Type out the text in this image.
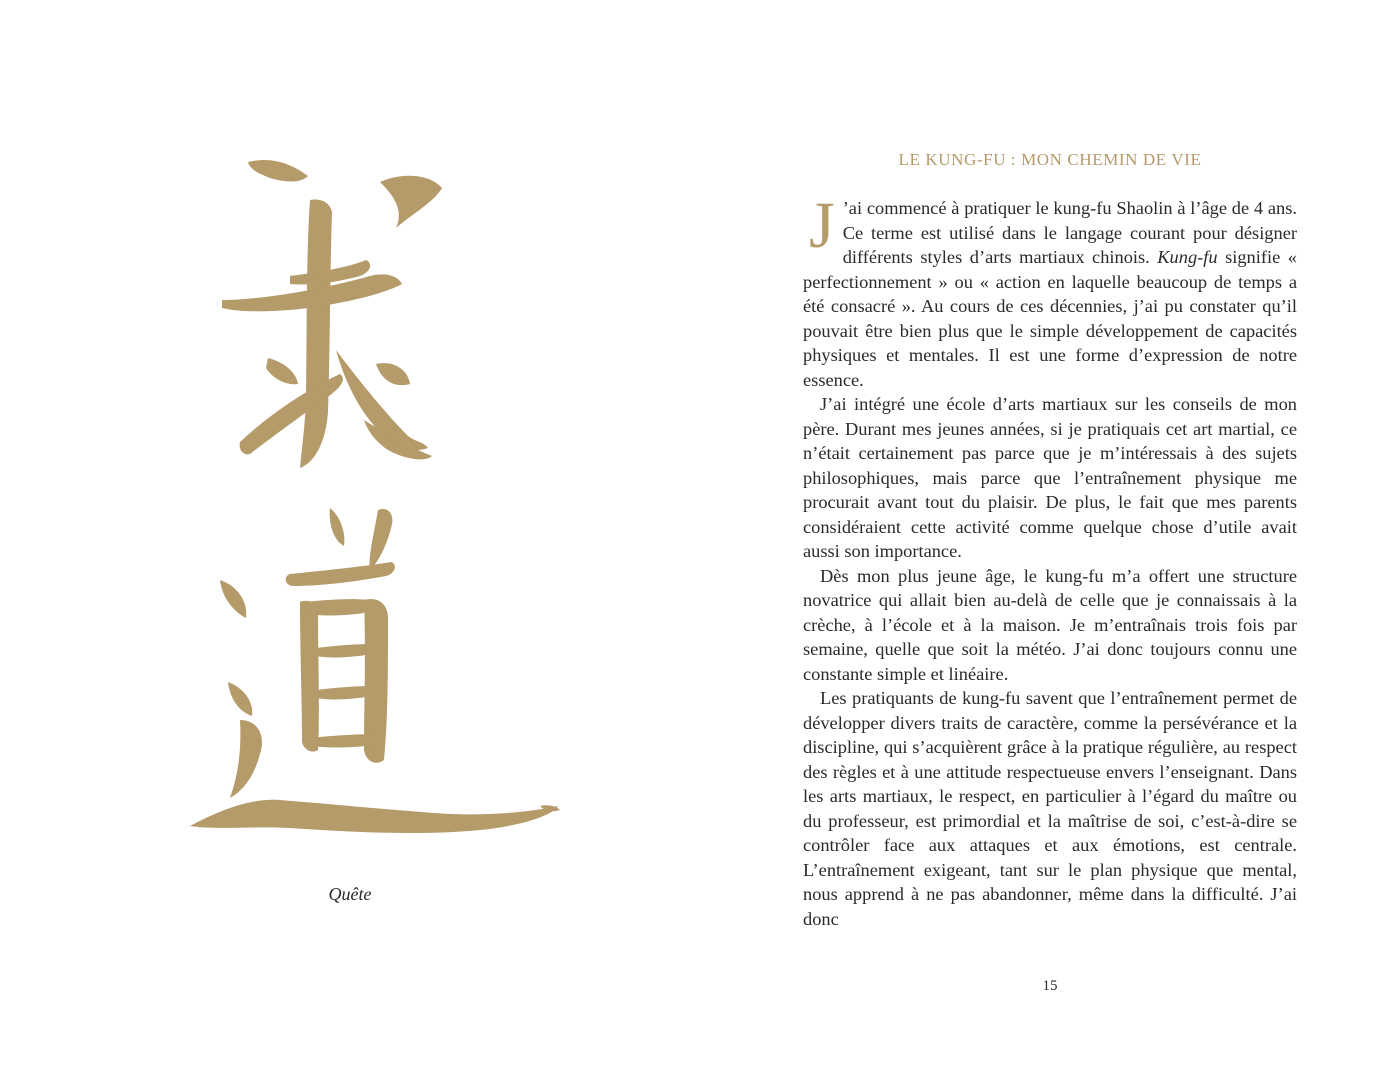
Quête
LE KUNG-FU : MON CHEMIN DE VIE

J ’ai commencé à pratiquer le kung-fu Shaolin à l’âge de 4 ans. Ce terme est utilisé dans le langage courant pour désigner différents styles d’arts martiaux chinois. Kung-fu signifie « perfectionnement » ou « action en laquelle beaucoup de temps a été consacré ». Au cours de ces décennies, j’ai pu constater qu’il pouvait être bien plus que le simple développement de capacités physiques et mentales. Il est une forme d’expression de notre essence.

J’ai intégré une école d’arts martiaux sur les conseils de mon père. Durant mes jeunes années, si je pratiquais cet art martial, ce n’était certainement pas parce que je m’intéressais à des sujets philosophiques, mais parce que l’entraînement physique me procurait avant tout du plaisir. De plus, le fait que mes parents considéraient cette activité comme quelque chose d’utile avait aussi son importance.

Dès mon plus jeune âge, le kung-fu m’a offert une structure novatrice qui allait bien au-delà de celle que je connaissais à la crèche, à l’école et à la maison. Je m’entraînais trois fois par semaine, quelle que soit la météo. J’ai donc toujours connu une constante simple et linéaire.

Les pratiquants de kung-fu savent que l’entraînement permet de développer divers traits de caractère, comme la persévérance et la discipline, qui s’acquièrent grâce à la pratique régulière, au respect des règles et à une attitude respectueuse envers l’enseignant. Dans les arts martiaux, le respect, en particulier à l’égard du maître ou du professeur, est primordial et la maîtrise de soi, c’est-à-dire se contrôler face aux attaques et aux émotions, est centrale. L’entraînement exigeant, tant sur le plan physique que mental, nous apprend à ne pas abandonner, même dans la difficulté. J’ai donc

15
